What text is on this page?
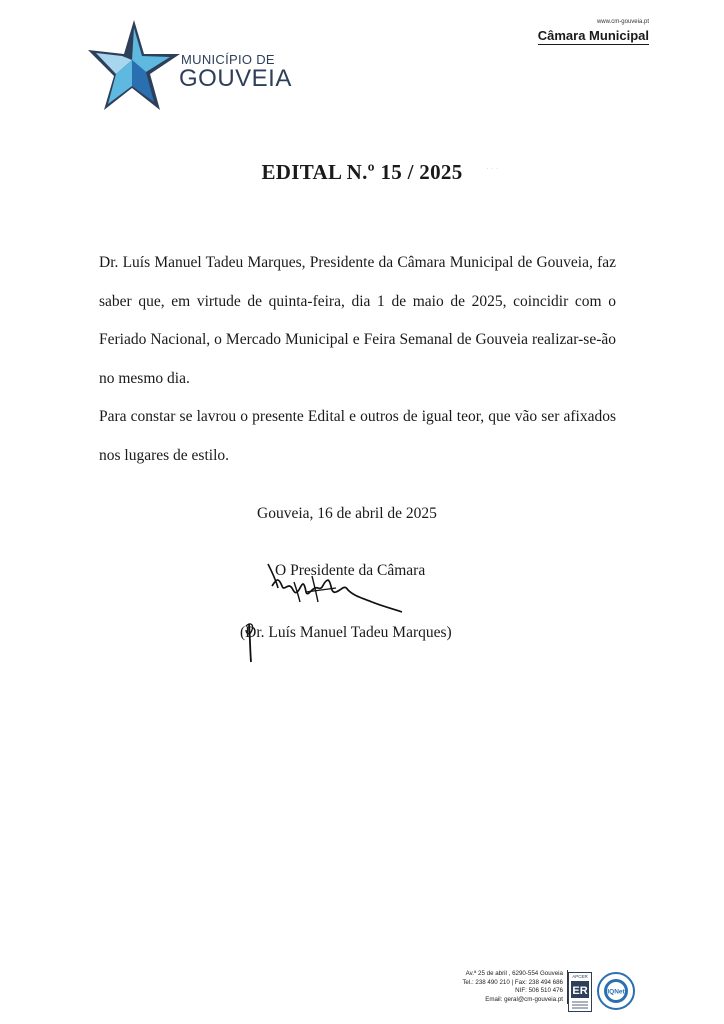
MUNICÍPIO DE
GOUVEIA
www.cm-gouveia.pt
Câmara Municipal
EDITAL N.º 15 / 2025	· · ·

Dr. Luís Manuel Tadeu Marques, Presidente da Câmara Municipal de Gouveia, faz saber que, em virtude de quinta-feira, dia 1 de maio de 2025, coincidir com o Feriado Nacional, o Mercado Municipal e Feira Semanal de Gouveia realizar-se-ão no mesmo dia.

Para constar se lavrou o presente Edital e outros de igual teor, que vão ser afixados nos lugares de estilo.

Gouveia, 16 de abril de 2025
O Presidente da Câmara
(Dr. Luís Manuel Tadeu Marques)
Av.ª 25 de abril , 6290-554 Gouveia
Tel.: 238 490 210 | Fax: 238 494 686
NIF: 506 510 476
Email: geral@cm-gouveia.pt
APCER
ER	IQNet
